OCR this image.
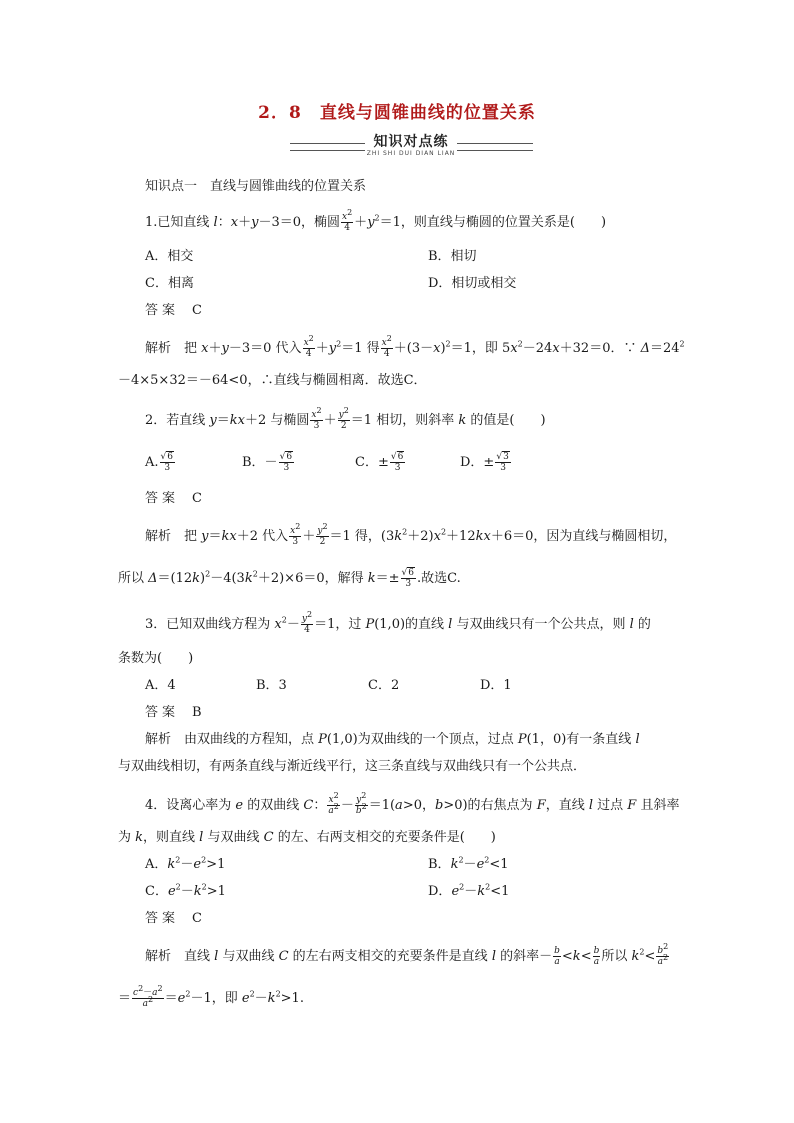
2．8　直线与圆锥曲线的位置关系
知识对点练
ZHI SHI DUI DIAN LIAN
知识点一　直线与圆锥曲线的位置关系
1.已知直线 l：x＋y－3＝0，椭圆 $\frac{x^2}{4} +y^2=1$，则直线与椭圆的位置关系是(　　)
A．相交	B．相切
C．相离	D．相切或相交
答案　 C
解析　把 x＋y－3＝0 代入 $\frac{x^2}{4} +y^2=1$ 得 $\frac{x^2}{4} +(3-x)^2=1$，即 $5x^2-24x+32=0$．∵ $\Delta=24^2$
－4×5×32＝－64<0，∴直线与椭圆相离．故选C．
2．若直线 y＝kx＋2 与椭圆 $\frac{x^2}{3} + \frac{y^2}{2} =1$ 相切，则斜率 k 的值是(　　)
A. $\frac{√6}{3}$	B．－ $\frac{√6}{3}$	C．± $\frac{√6}{3}$	D．± $\frac{√3}{3}$
答案　 C
解析　把 y＝kx＋2 代入 $\frac{x^2}{3} + \frac{y^2}{2} =1$ 得，$(3k^2+2)x^2+12kx+6=0$，因为直线与椭圆相切，
所以 $\Delta=(12k)^2-4(3k^2+2)\times 6=0$，解得 $k=\pm \frac{√6}{3}$ .故选C.
3．已知双曲线方程为 $x^2- \frac{y^2}{4} =1$，过 P(1,0)的直线 l 与双曲线只有一个公共点，则 l 的
条数为(　　)
A．4	B．3	C．2	D．1
答案　 B
解析　由双曲线的方程知，点 P(1,0)为双曲线的一个顶点，过点 P(1，0)有一条直线 l
与双曲线相切，有两条直线与渐近线平行，这三条直线与双曲线只有一个公共点．
4．设离心率为 e 的双曲线 C： $\frac{x^2}{a^2} - \frac{y^2}{b^2} =1(a>0$，b>0)的右焦点为 F，直线 l 过点 F 且斜率
为 k，则直线 l 与双曲线 C 的左、右两支相交的充要条件是(　　)
A．$k^2-e^2>1$	B．$k^2-e^2<1$
C．$e^2-k^2>1$	D．$e^2-k^2<1$
答案　 C
解析　直线 l 与双曲线 C 的左右两支相交的充要条件是直线 l 的斜率－ $\frac{b}{a} <k< \frac{b}{a}$ 所以 $k^2< \frac{b^2}{a^2}$
＝ $\frac{c^2-a^2}{a^2} =e^2-1$，即 $e^2-k^2>1$.
